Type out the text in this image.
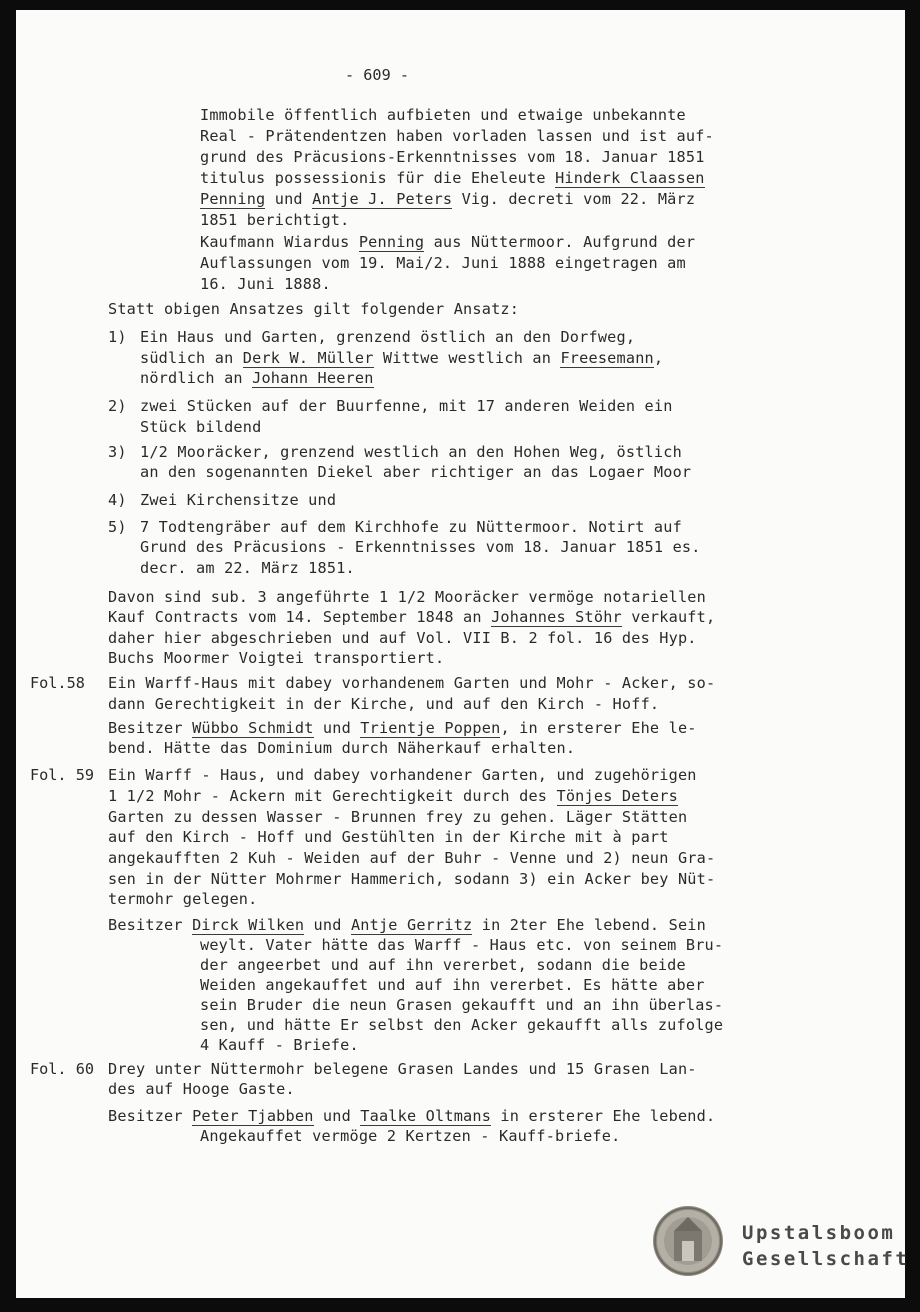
Immobile öffentlich aufbieten und etwaige unbekannte
Real - Prätendentzen haben vorladen lassen und ist auf-
grund des Präcusions-Erkenntnisses vom 18. Januar 1851
titulus possessionis für die Eheleute Hinderk Claassen
Penning und Antje J. Peters Vig. decreti vom 22. März
1851 berichtigt.
Kaufmann Wiardus Penning aus Nüttermoor. Aufgrund der
Auflassungen vom 19. Mai/2. Juni 1888 eingetragen am
16. Juni 1888.
Statt obigen Ansatzes gilt folgender Ansatz:
1) Ein Haus und Garten, grenzend östlich an den Dorfweg,
südlich an Derk W. Müller Wittwe westlich an Freesemann,
nördlich an Johann Heeren
2) zwei Stücken auf der Buurfenne, mit 17 anderen Weiden ein
Stück bildend
3) 1/2 Mooräcker, grenzend westlich an den Hohen Weg, östlich
an den sogenannten Diekel aber richtiger an das Logaer Moor
4) Zwei Kirchensitze und
5) 7 Todtengräber auf dem Kirchhofe zu Nüttermoor. Notirt auf
Grund des Präcusions - Erkenntnisses vom 18. Januar 1851 es.
decr. am 22. März 1851.
Davon sind sub. 3 angeführte 1 1/2 Mooräcker vermöge notariellen
Kauf Contracts vom 14. September 1848 an Johannes Stöhr verkauft,
daher hier abgeschrieben und auf Vol. VII B. 2 fol. 16 des Hyp.
Buchs Moormer Voigtei transportiert.
Fol.58 Ein Warff-Haus mit dabey vorhandenem Garten und Mohr - Acker, so-
dann Gerechtigkeit in der Kirche, und auf den Kirch - Hoff.
Besitzer Wübbo Schmidt und Trientje Poppen, in ersterer Ehe le-
bend. Hätte das Dominium durch Näherkauf erhalten.
Fol. 59 Ein Warff - Haus, und dabey vorhandener Garten, und zugehörigen
1 1/2 Mohr - Ackern mit Gerechtigkeit durch des Tönjes Deters
Garten zu dessen Wasser - Brunnen frey zu gehen. Läger Stätten
auf den Kirch - Hoff und Gestühlten in der Kirche mit à part
angekaufften 2 Kuh - Weiden auf der Buhr - Venne und 2) neun Gra-
sen in der Nütter Mohrmer Hammerich, sodann 3) ein Acker bey Nüt-
termohr gelegen.
Besitzer Dirck Wilken und Antje Gerritz in 2ter Ehe lebend. Sein
weylt. Vater hätte das Warff - Haus etc. von seinem Bru-
der angeerbet und auf ihn vererbet, sodann die beide
Weiden angekauffet und auf ihn vererbet. Es hätte aber
sein Bruder die neun Grasen gekaufft und an ihn überlas-
sen, und hätte Er selbst den Acker gekaufft alls zufolge
4 Kauff - Briefe.
Fol. 60 Drey unter Nüttermohr belegene Grasen Landes und 15 Grasen Lan-
des auf Hooge Gaste.
Besitzer Peter Tjabben und Taalke Oltmans in ersterer Ehe lebend.
Angekauffet vermöge 2 Kertzen - Kauff-briefe.
Upstalsboom
Gesellschaft
- 609 -
